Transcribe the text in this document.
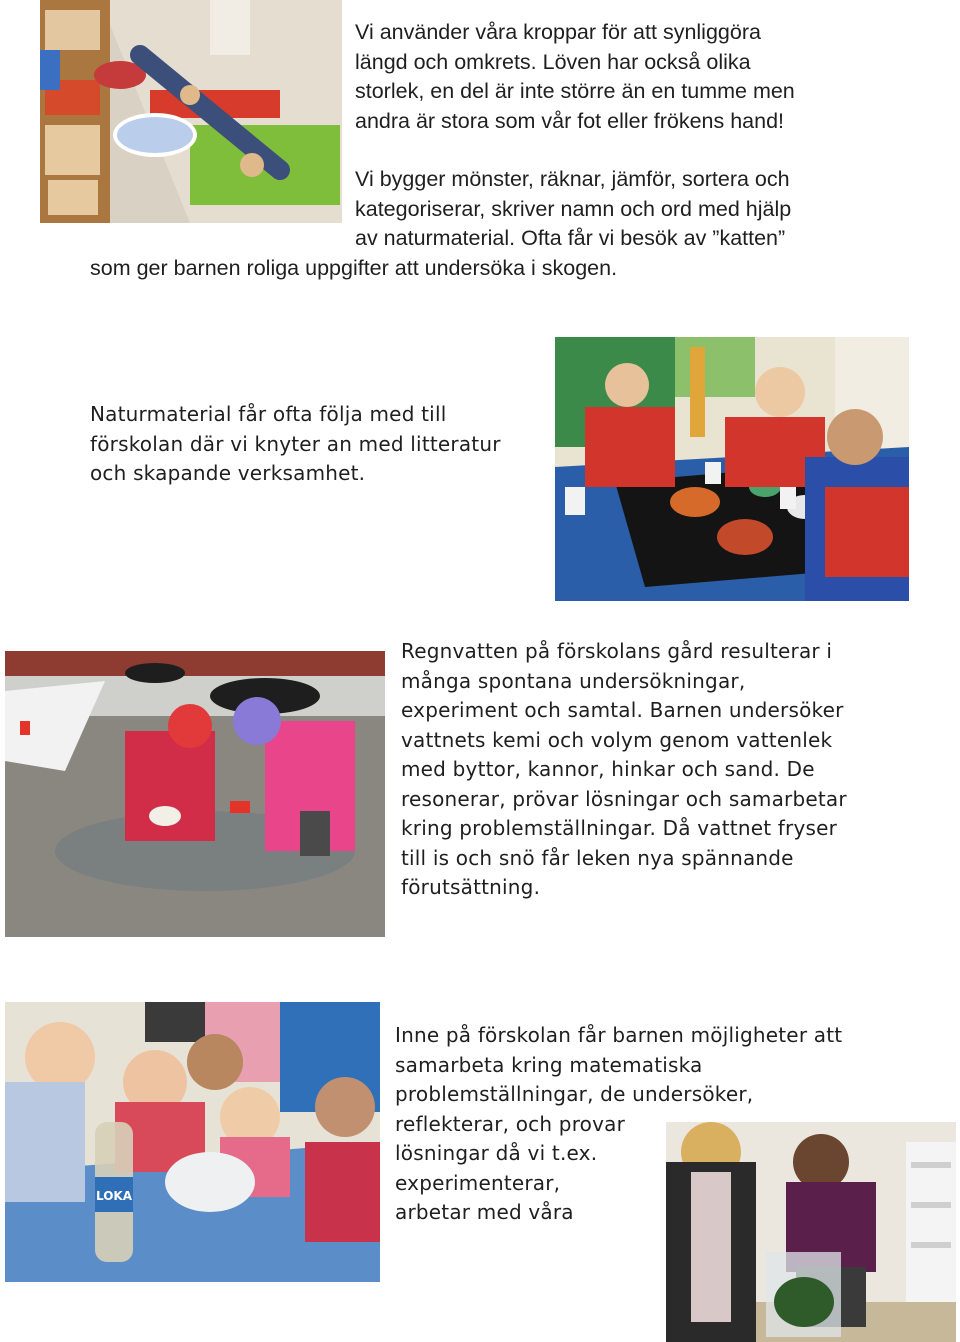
Vi använder våra kroppar för att synliggöra
längd och omkrets. Löven har också olika
storlek, en del är inte större än en tumme men
andra är stora som vår fot eller frökens hand!
Vi bygger mönster, räknar, jämför, sortera och
kategoriserar, skriver namn och ord med hjälp
av naturmaterial. Ofta får vi besök av ”katten”
som ger barnen roliga uppgifter att undersöka i skogen.
Naturmaterial får ofta följa med till
förskolan där vi knyter an med litteratur
och skapande verksamhet.
Regnvatten på förskolans gård resulterar i
många spontana undersökningar,
experiment och samtal. Barnen undersöker
vattnets kemi och volym genom vattenlek
med byttor, kannor, hinkar och sand. De
resonerar, prövar lösningar och samarbetar
kring problemställningar. Då vattnet fryser
till is och snö får leken nya spännande
förutsättning.
LOKA
Inne på förskolan får barnen möjligheter att
samarbeta kring matematiska
problemställningar, de undersöker,
reflekterar, och provar
lösningar då vi t.ex.
experimenterar,
arbetar med våra
